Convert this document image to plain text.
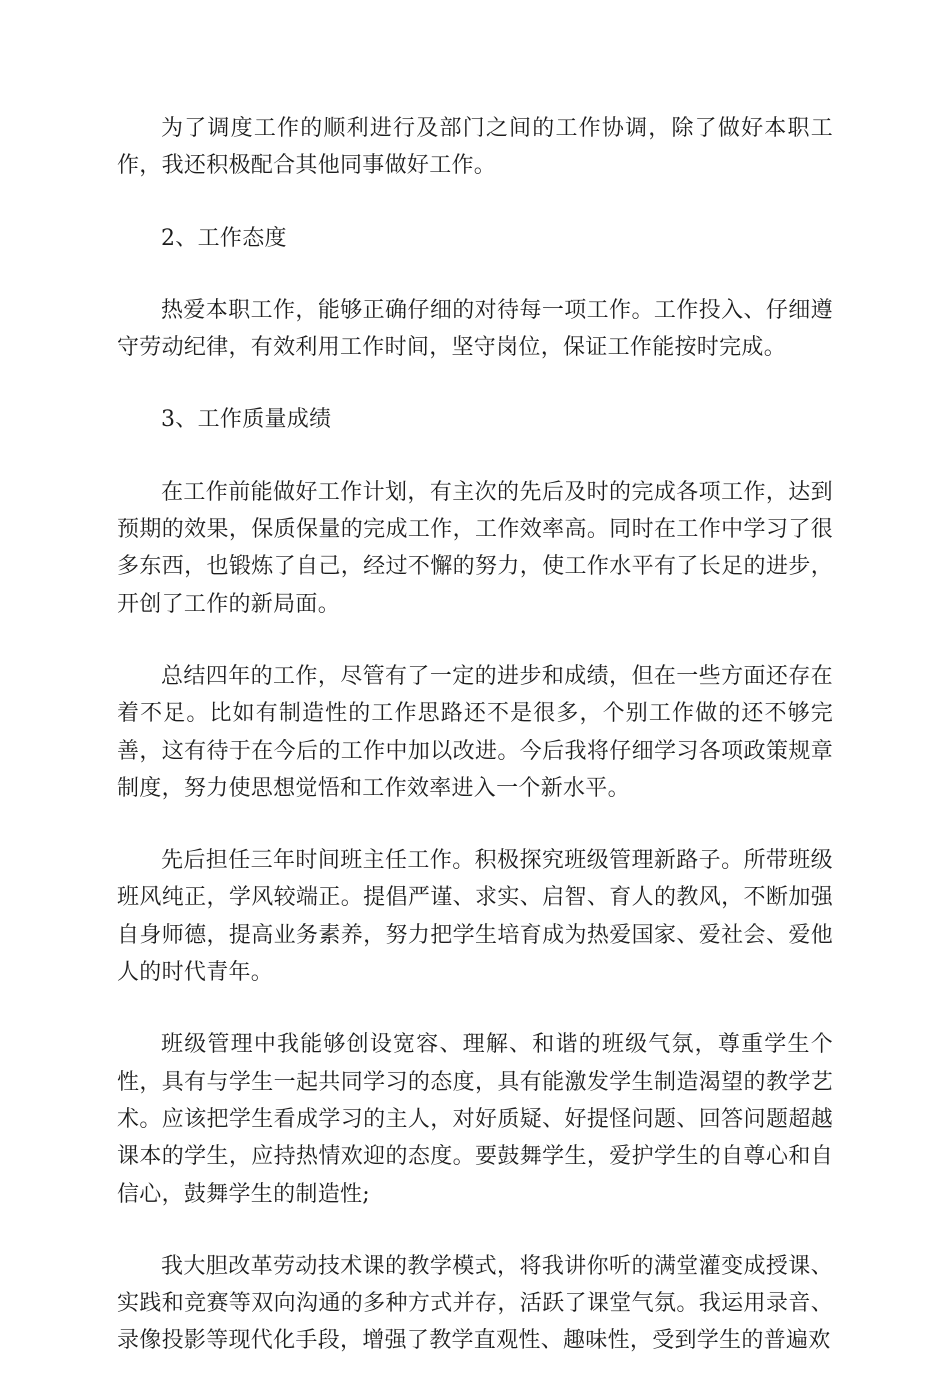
为了调度工作的顺利进行及部门之间的工作协调，除了做好本职工作，我还积极配合其他同事做好工作。

2、工作态度

热爱本职工作，能够正确仔细的对待每一项工作。工作投入、仔细遵守劳动纪律，有效利用工作时间，坚守岗位，保证工作能按时完成。

3、工作质量成绩

在工作前能做好工作计划，有主次的先后及时的完成各项工作，达到预期的效果，保质保量的完成工作，工作效率高。同时在工作中学习了很多东西，也锻炼了自己，经过不懈的努力，使工作水平有了长足的进步，开创了工作的新局面。

总结四年的工作，尽管有了一定的进步和成绩，但在一些方面还存在着不足。比如有制造性的工作思路还不是很多，个别工作做的还不够完善，这有待于在今后的工作中加以改进。今后我将仔细学习各项政策规章制度，努力使思想觉悟和工作效率进入一个新水平。

先后担任三年时间班主任工作。积极探究班级管理新路子。所带班级班风纯正，学风较端正。提倡严谨、求实、启智、育人的教风，不断加强自身师德，提高业务素养，努力把学生培育成为热爱国家、爱社会、爱他人的时代青年。

班级管理中我能够创设宽容、理解、和谐的班级气氛，尊重学生个性，具有与学生一起共同学习的态度，具有能激发学生制造渴望的教学艺术。应该把学生看成学习的主人，对好质疑、好提怪问题、回答问题超越课本的学生，应持热情欢迎的态度。要鼓舞学生，爱护学生的自尊心和自信心，鼓舞学生的制造性;

我大胆改革劳动技术课的教学模式，将我讲你听的满堂灌变成授课、实践和竞赛等双向沟通的多种方式并存，活跃了课堂气氛。我运用录音、录像投影等现代化手段，增强了教学直观性、趣味性，受到学生的普遍欢
